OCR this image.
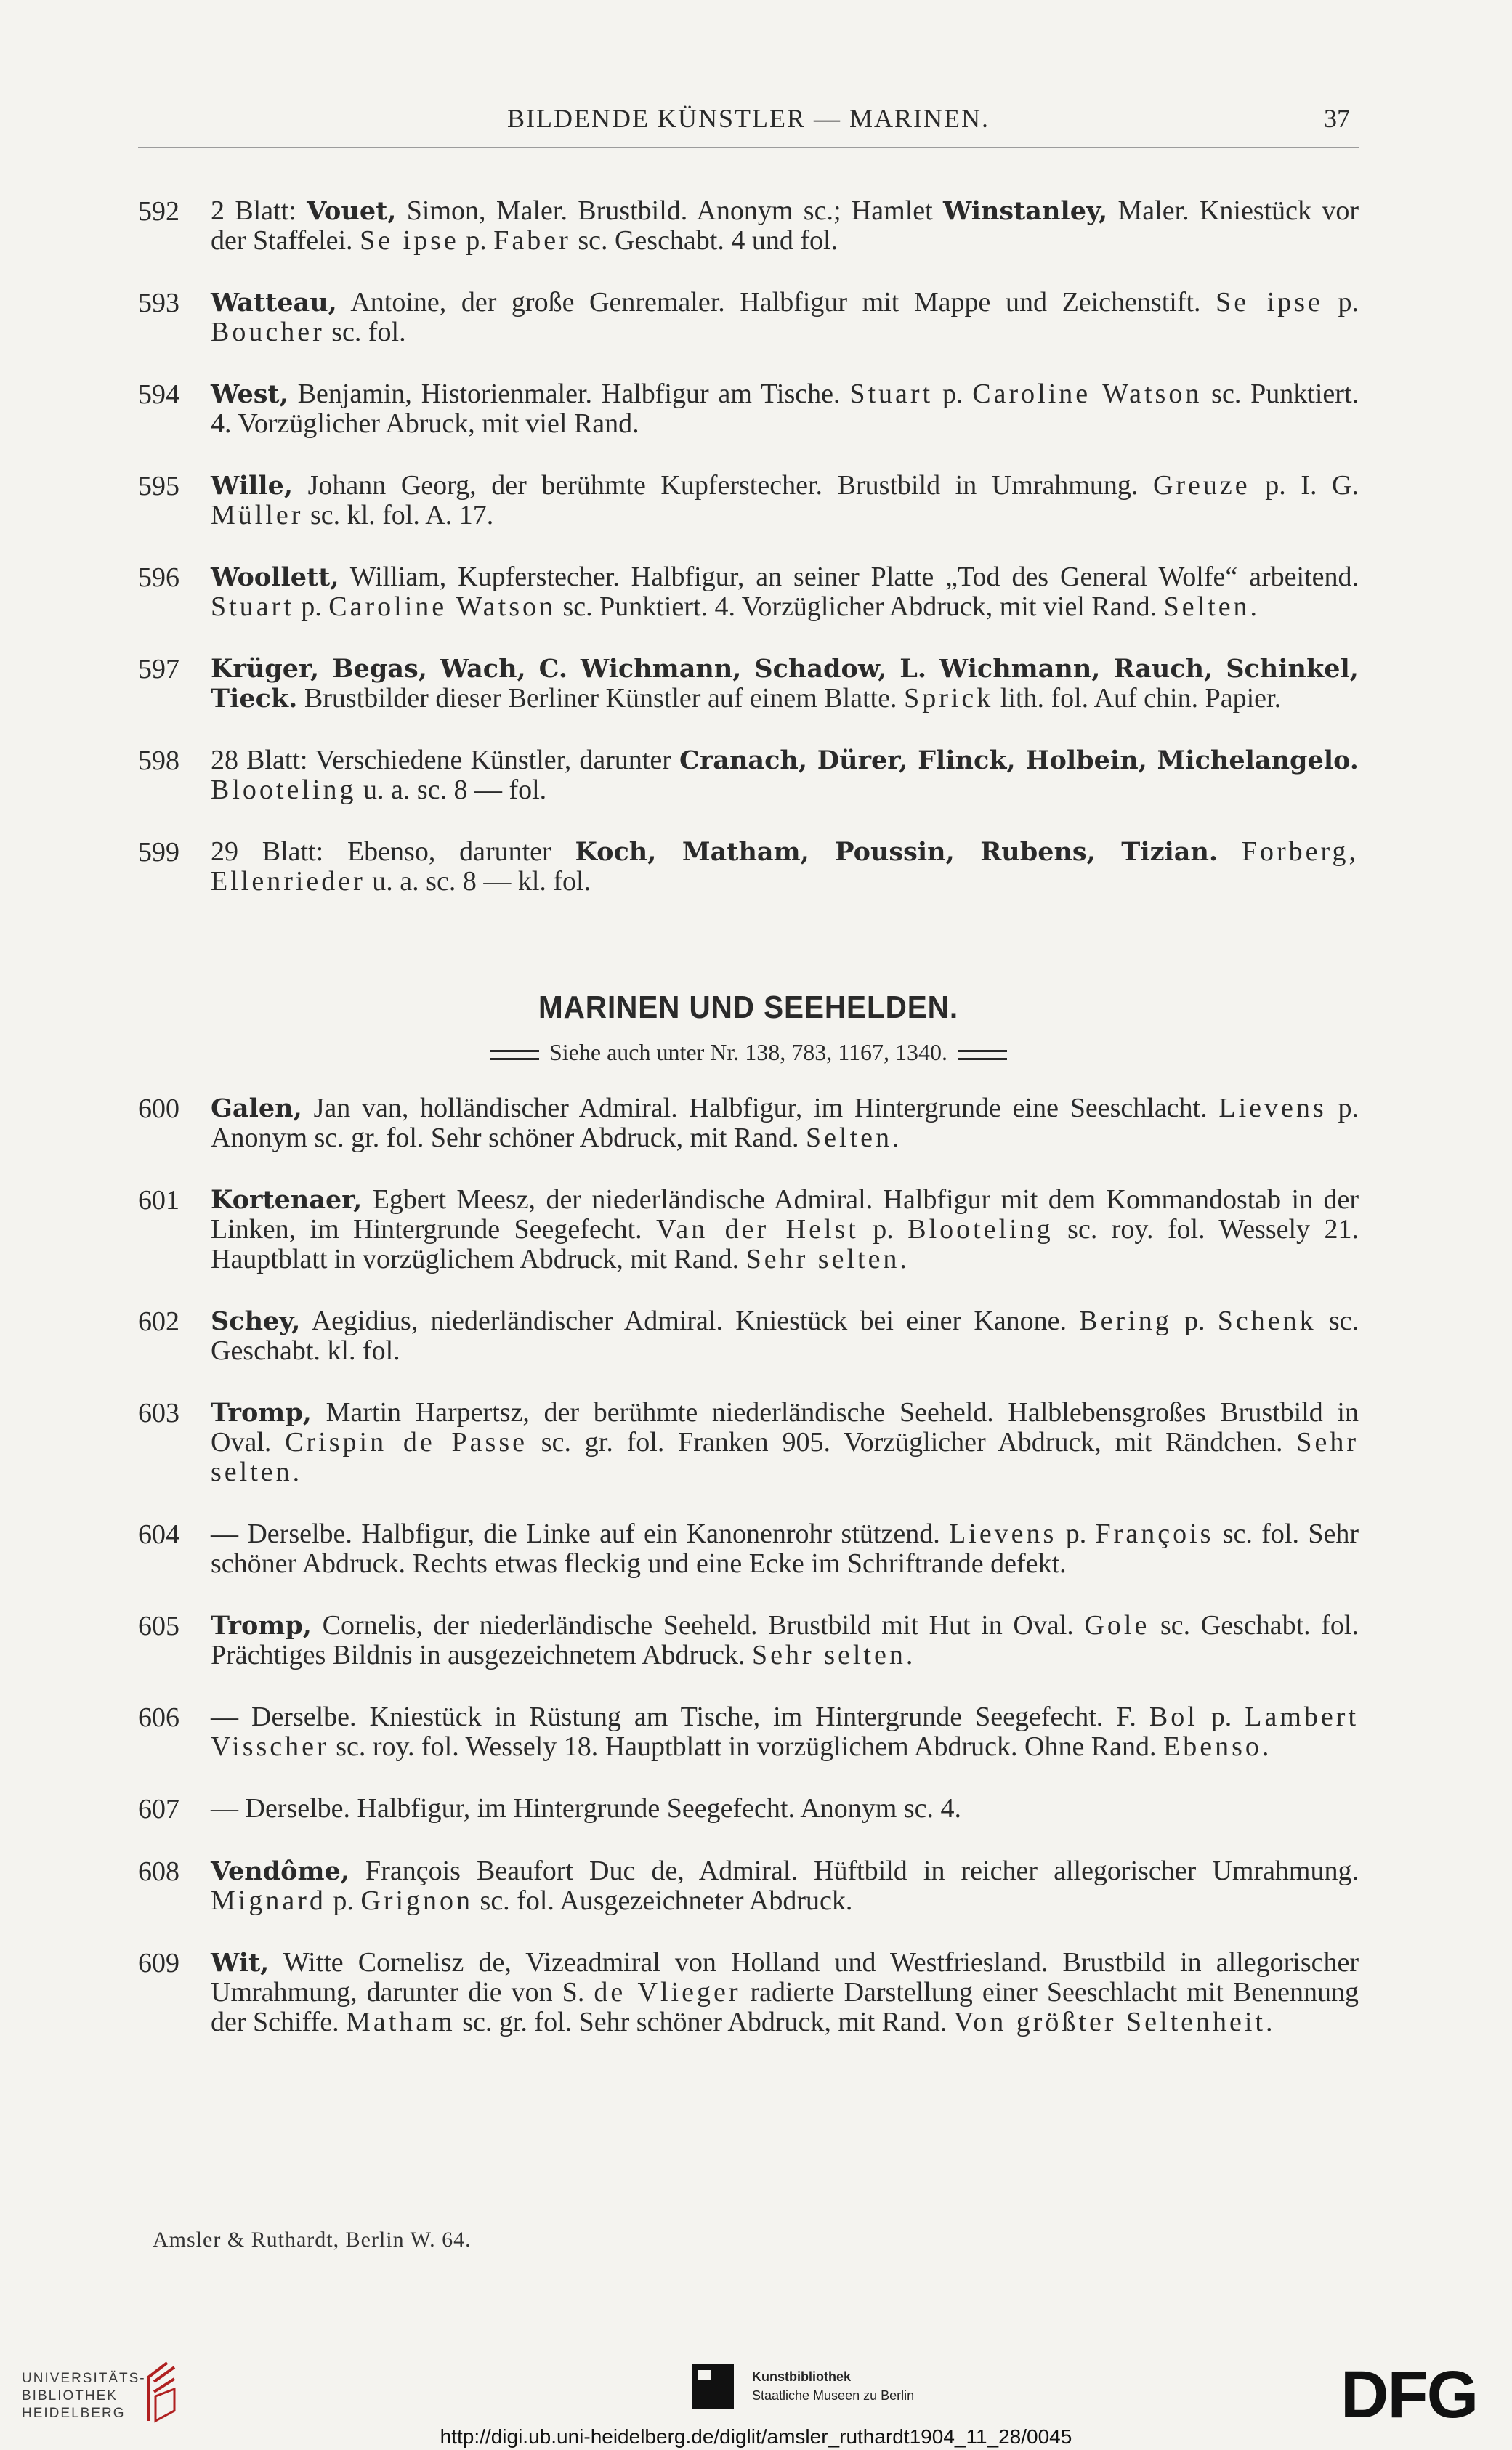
BILDENDE KÜNSTLER — MARINEN.	37
592	2 Blatt: Vouet, Simon, Maler. Brustbild. Anonym sc.; Hamlet Winstanley, Maler. Kniestück vor der Staffelei. Se ipse p. Faber sc. Geschabt. 4 und fol.
593	Watteau, Antoine, der große Genremaler. Halbfigur mit Mappe und Zeichenstift. Se ipse p. Boucher sc. fol.
594	West, Benjamin, Historienmaler. Halbfigur am Tische. Stuart p. Caroline Watson sc. Punktiert. 4. Vorzüglicher Abruck, mit viel Rand.
595	Wille, Johann Georg, der berühmte Kupferstecher. Brustbild in Umrahmung. Greuze p. I. G. Müller sc. kl. fol. A. 17.
596	Woollett, William, Kupferstecher. Halbfigur, an seiner Platte „Tod des General Wolfe“ arbeitend. Stuart p. Caroline Watson sc. Punktiert. 4. Vorzüglicher Abdruck, mit viel Rand. Selten.
597	Krüger, Begas, Wach, C. Wichmann, Schadow, L. Wichmann, Rauch, Schinkel, Tieck. Brustbilder dieser Berliner Künstler auf einem Blatte. Sprick lith. fol. Auf chin. Papier.
598	28 Blatt: Verschiedene Künstler, darunter Cranach, Dürer, Flinck, Holbein, Michelangelo. Blooteling u. a. sc. 8 — fol.
599	29 Blatt: Ebenso, darunter Koch, Matham, Poussin, Rubens, Tizian. Forberg, Ellenrieder u. a. sc. 8 — kl. fol.
MARINEN UND SEEHELDEN.
Siehe auch unter Nr. 138, 783, 1167, 1340.
600	Galen, Jan van, holländischer Admiral. Halbfigur, im Hintergrunde eine Seeschlacht. Lievens p. Anonym sc. gr. fol. Sehr schöner Abdruck, mit Rand. Selten.
601	Kortenaer, Egbert Meesz, der niederländische Admiral. Halbfigur mit dem Kommandostab in der Linken, im Hintergrunde Seegefecht. Van der Helst p. Blooteling sc. roy. fol. Wessely 21. Hauptblatt in vorzüglichem Abdruck, mit Rand. Sehr selten.
602	Schey, Aegidius, niederländischer Admiral. Kniestück bei einer Kanone. Bering p. Schenk sc. Geschabt. kl. fol.
603	Tromp, Martin Harpertsz, der berühmte niederländische Seeheld. Halblebensgroßes Brustbild in Oval. Crispin de Passe sc. gr. fol. Franken 905. Vorzüglicher Abdruck, mit Rändchen. Sehr selten.
604	— Derselbe. Halbfigur, die Linke auf ein Kanonenrohr stützend. Lievens p. François sc. fol. Sehr schöner Abdruck. Rechts etwas fleckig und eine Ecke im Schriftrande defekt.
605	Tromp, Cornelis, der niederländische Seeheld. Brustbild mit Hut in Oval. Gole sc. Geschabt. fol. Prächtiges Bildnis in ausgezeichnetem Abdruck. Sehr selten.
606	— Derselbe. Kniestück in Rüstung am Tische, im Hintergrunde Seegefecht. F. Bol p. Lambert Visscher sc. roy. fol. Wessely 18. Hauptblatt in vorzüglichem Abdruck. Ohne Rand. Ebenso.
607	— Derselbe. Halbfigur, im Hintergrunde Seegefecht. Anonym sc. 4.
608	Vendôme, François Beaufort Duc de, Admiral. Hüftbild in reicher allegorischer Umrahmung. Mignard p. Grignon sc. fol. Ausgezeichneter Abdruck.
609	Wit, Witte Cornelisz de, Vizeadmiral von Holland und Westfriesland. Brustbild in allegorischer Umrahmung, darunter die von S. de Vlieger radierte Darstellung einer Seeschlacht mit Benennung der Schiffe. Matham sc. gr. fol. Sehr schöner Abdruck, mit Rand. Von größter Seltenheit.
Amsler & Ruthardt, Berlin W. 64.
UNIVERSITÄTS-
BIBLIOTHEK
HEIDELBERG
Kunstbibliothek
Staatliche Museen zu Berlin	DFG
http://digi.ub.uni-heidelberg.de/diglit/amsler_ruthardt1904_11_28/0045
